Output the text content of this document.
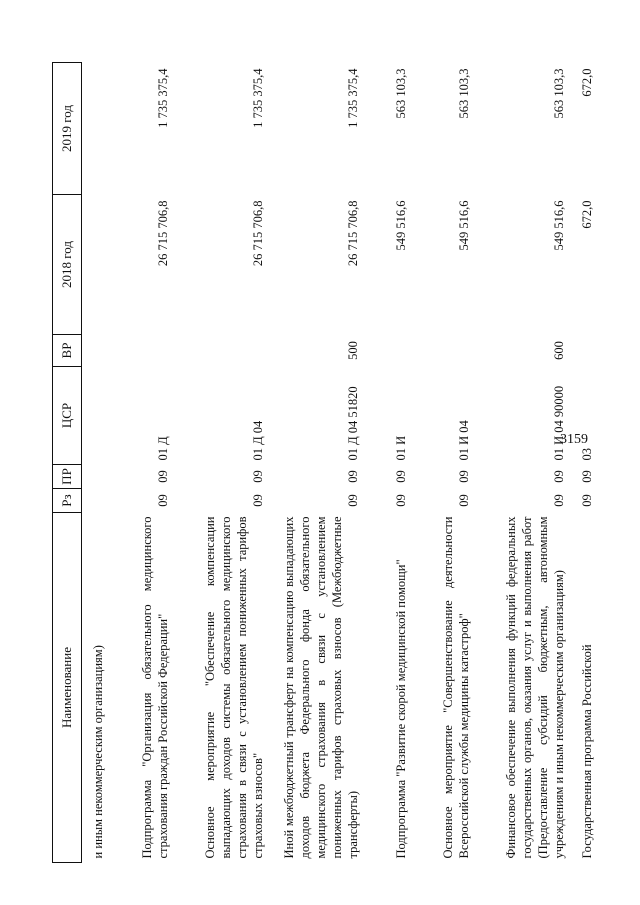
3159
Наименование	Рз	ПР	ЦСР	ВР	2018 год	2019 год
и иным некоммерческим организациям)						
Подпрограмма "Организация обязательного медицинского страхования граждан Российской Федерации"	09	09	01 Д		26 715 706,8	1 735 375,4
Основное мероприятие "Обеспечение компенсации выпадающих доходов системы обязательного медицинского страхования в связи с установлением пониженных тарифов страховых взносов"	09	09	01 Д 04		26 715 706,8	1 735 375,4
Иной межбюджетный трансферт на компенсацию выпадающих доходов бюджета Федерального фонда обязательного медицинского страхования в связи с установлением пониженных тарифов страховых взносов (Межбюджетные трансферты)	09	09	01 Д 04 51820	500	26 715 706,8	1 735 375,4
Подпрограмма "Развитие скорой медицинской помощи"	09	09	01 И		549 516,6	563 103,3
Основное мероприятие "Совершенствование деятельности Всероссийской службы медицины катастроф"	09	09	01 И 04		549 516,6	563 103,3
Финансовое обеспечение выполнения функций федеральных государственных органов, оказания услуг и выполнения работ (Предоставление субсидий бюджетным, автономным учреждениям и иным некоммерческим организациям)	09	09	01 И 04 90000	600	549 516,6	563 103,3
Государственная программа Российской	09	09	03		672,0	672,0
